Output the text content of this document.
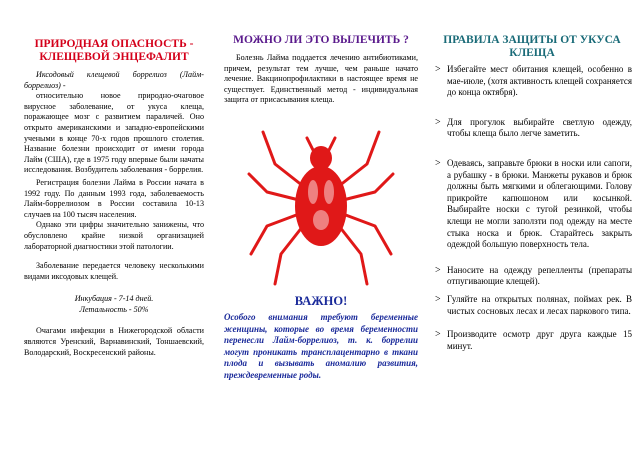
ПРИРОДНАЯ ОПАСНОСТЬ - КЛЕЩЕВОЙ ЭНЦЕФАЛИТ

Иксодовый клещевой боррелиоз (Лайм-боррелиоз) -

относительно новое природно-очаговое вирусное заболевание, от укуса клеща, поражающее мозг с развитием параличей. Оно открыто американскими и западно-европейскими учеными в конце 70-х годов прошлого столетия. Название болезни происходит от имени города Лайм (США), где в 1975 году впервые были начаты исследования. Возбудитель заболевания - боррелия.

Регистрация болезни Лайма в России начата в 1992 году. По данным 1993 года, заболеваемость Лайм-боррелиозом в России составила 10-13 случаев на 100 тысяч населения.

Однако эти цифры значительно занижены, что обусловлено крайне низкой организацией лабораторной диагностики этой патологии.

Заболевание передается человеку несколькими видами иксодовых клещей.

Инкубация - 7-14 дней.

Летальность - 50%

Очагами инфекции в Нижегородской области являются Уренский, Варнавинский, Тоншаевский, Володарский, Воскресенский районы.

МОЖНО ЛИ ЭТО ВЫЛЕЧИТЬ ?

Болезнь Лайма поддается лечению антибиотиками, причем, результат тем лучше, чем раньше начато лечение. Вакцинопрофилактики в настоящее время не существует. Единственный метод - индивидуальная защита от присасывания клеща.

ВАЖНО!
Особого внимания требуют беременные женщины, которые во время беременности перенесли Лайм-боррелиоз, т. к. боррелии могут проникать трансплацентарно в ткани плода и вызывать аномалию развития, преждевременные роды.
ПРАВИЛА ЗАЩИТЫ ОТ УКУСА КЛЕЩА
> Избегайте мест обитания клещей, особенно в мае-июле, (хотя активность клещей сохраняется до конца октября).
> Для прогулок выбирайте светлую одежду, чтобы клеща было легче заметить.
> Одеваясь, заправьте брюки в носки или сапоги, а рубашку - в брюки. Манжеты рукавов и брюк должны быть мягкими и облегающими. Голову прикройте капюшоном или косынкой. Выбирайте носки с тугой резинкой, чтобы клещи не могли заползти под одежду на месте стыка носка и брюк. Старайтесь закрыть одеждой большую поверхность тела.
> Наносите на одежду репелленты (препараты отпугивающие клещей).
> Гуляйте на открытых полянах, поймах рек. В чистых сосновых лесах и лесах паркового типа.
> Производите осмотр друг друга каждые 15 минут.
